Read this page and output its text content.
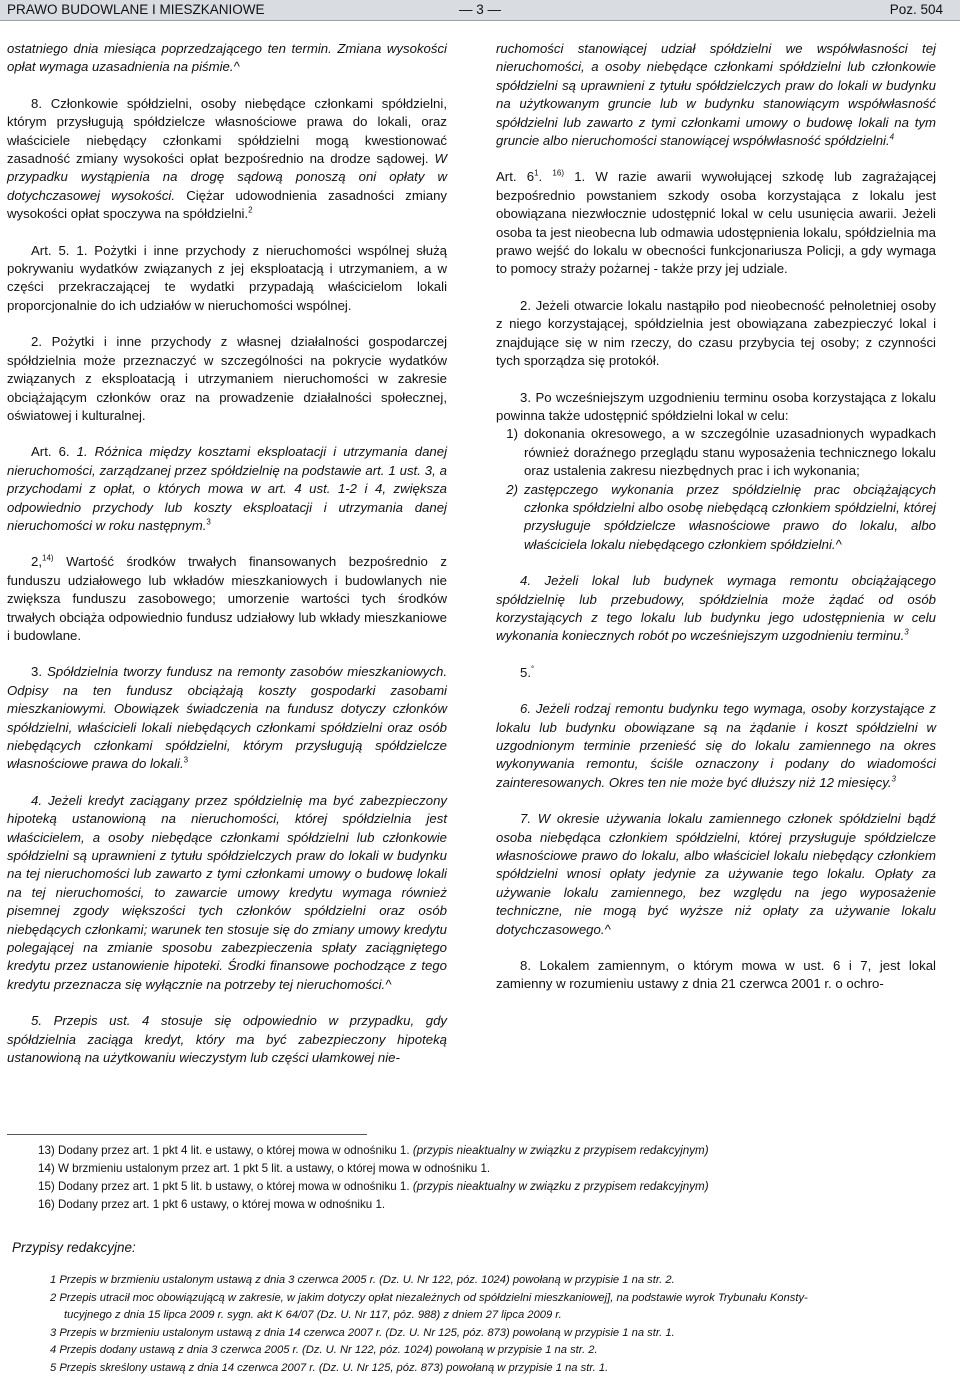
PRAWO BUDOWLANE I MIESZKANIOWE	— 3 —	Poz. 504

ostatniego dnia miesiąca poprzedzającego ten termin. Zmiana wysokości opłat wymaga uzasadnienia na piśmie.^

8. Członkowie spółdzielni, osoby niebędące członkami spółdzielni, którym przysługują spółdzielcze własnościowe prawa do lokali, oraz właściciele niebędący członkami spółdzielni mogą kwestionować zasadność zmiany wysokości opłat bezpośrednio na drodze sądowej. W przypadku wystąpienia na drogę sądową ponoszą oni opłaty w dotychczasowej wysokości. Ciężar udowodnienia zasadności zmiany wysokości opłat spoczywa na spółdzielni.$^2$

Art. 5. 1. Pożytki i inne przychody z nieruchomości wspólnej służą pokrywaniu wydatków związanych z jej eksploatacją i utrzymaniem, a w części przekraczającej te wydatki przypadają właścicielom lokali proporcjonalnie do ich udziałów w nieruchomości wspólnej.

2. Pożytki i inne przychody z własnej działalności gospodarczej spółdzielnia może przeznaczyć w szczególności na pokrycie wydatków związanych z eksploatacją i utrzymaniem nieruchomości w zakresie obciążającym członków oraz na prowadzenie działalności społecznej, oświatowej i kulturalnej.

Art. 6. 1. Różnica między kosztami eksploatacji i utrzymania danej nieruchomości, zarządzanej przez spółdzielnię na podstawie art. 1 ust. 3, a przychodami z opłat, o których mowa w art. 4 ust. 1-2 i 4, zwiększa odpowiednio przychody lub koszty eksploatacji i utrzymania danej nieruchomości w roku następnym.$^3$

2,$^{14)}$ Wartość środków trwałych finansowanych bezpośrednio z funduszu udziałowego lub wkładów mieszkaniowych i budowlanych nie zwiększa funduszu zasobowego; umorzenie wartości tych środków trwałych obciąża odpowiednio fundusz udziałowy lub wkłady mieszkaniowe i budowlane.

3. Spółdzielnia tworzy fundusz na remonty zasobów mieszkaniowych. Odpisy na ten fundusz obciążają koszty gospodarki zasobami mieszkaniowymi. Obowiązek świadczenia na fundusz dotyczy członków spółdzielni, właścicieli lokali niebędących członkami spółdzielni oraz osób niebędących członkami spółdzielni, którym przysługują spółdzielcze własnościowe prawa do lokali.$^3$

4. Jeżeli kredyt zaciągany przez spółdzielnię ma być zabezpieczony hipoteką ustanowioną na nieruchomości, której spółdzielnia jest właścicielem, a osoby niebędące członkami spółdzielni lub członkowie spółdzielni są uprawnieni z tytułu spółdzielczych praw do lokali w budynku na tej nieruchomości lub zawarto z tymi członkami umowy o budowę lokali na tej nieruchomości, to zawarcie umowy kredytu wymaga również pisemnej zgody większości tych członków spółdzielni oraz osób niebędących członkami; warunek ten stosuje się do zmiany umowy kredytu polegającej na zmianie sposobu zabezpieczenia spłaty zaciągniętego kredytu przez ustanowienie hipoteki. Środki finansowe pochodzące z tego kredytu przeznacza się wyłącznie na potrzeby tej nieruchomości.^

5. Przepis ust. 4 stosuje się odpowiednio w przypadku, gdy spółdzielnia zaciąga kredyt, który ma być zabezpieczony hipoteką ustanowioną na użytkowaniu wieczystym lub części ułamkowej nie-

ruchomości stanowiącej udział spółdzielni we współwłasności tej nieruchomości, a osoby niebędące członkami spółdzielni lub członkowie spółdzielni są uprawnieni z tytułu spółdzielczych praw do lokali w budynku na użytkowanym gruncie lub w budynku stanowiącym współwłasność spółdzielni lub zawarto z tymi członkami umowy o budowę lokali na tym gruncie albo nieruchomości stanowiącej współwłasność spółdzielni.$^4$

Art. $6^1$. $^{16)}$ 1. W razie awarii wywołującej szkodę lub zagrażającej bezpośrednio powstaniem szkody osoba korzystająca z lokalu jest obowiązana niezwłocznie udostępnić lokal w celu usunięcia awarii. Jeżeli osoba ta jest nieobecna lub odmawia udostępnienia lokalu, spółdzielnia ma prawo wejść do lokalu w obecności funkcjonariusza Policji, a gdy wymaga to pomocy straży pożarnej - także przy jej udziale.

2. Jeżeli otwarcie lokalu nastąpiło pod nieobecność pełnoletniej osoby z niego korzystającej, spółdzielnia jest obowiązana zabezpieczyć lokal i znajdujące się w nim rzeczy, do czasu przybycia tej osoby; z czynności tych sporządza się protokół.

3. Po wcześniejszym uzgodnieniu terminu osoba korzystająca z lokalu powinna także udostępnić spółdzielni lokal w celu:

1) dokonania okresowego, a w szczególnie uzasadnionych wypadkach również doraźnego przeglądu stanu wyposażenia technicznego lokalu oraz ustalenia zakresu niezbędnych prac i ich wykonania;
2) zastępczego wykonania przez spółdzielnię prac obciążających członka spółdzielni albo osobę niebędącą członkiem spółdzielni, której przysługuje spółdzielcze własnościowe prawo do lokalu, albo właściciela lokalu niebędącego członkiem spółdzielni.^

4. Jeżeli lokal lub budynek wymaga remontu obciążającego spółdzielnię lub przebudowy, spółdzielnia może żądać od osób korzystających z tego lokalu lub budynku jego udostępnienia w celu wykonania koniecznych robót po wcześniejszym uzgodnieniu terminu.$^3$

5.°

6. Jeżeli rodzaj remontu budynku tego wymaga, osoby korzystające z lokalu lub budynku obowiązane są na żądanie i koszt spółdzielni w uzgodnionym terminie przenieść się do lokalu zamiennego na okres wykonywania remontu, ściśle oznaczony i podany do wiadomości zainteresowanych. Okres ten nie może być dłuższy niż 12 miesięcy.$^3$

7. W okresie używania lokalu zamiennego członek spółdzielni bądź osoba niebędąca członkiem spółdzielni, której przysługuje spółdzielcze własnościowe prawo do lokalu, albo właściciel lokalu niebędący członkiem spółdzielni wnosi opłaty jedynie za używanie tego lokalu. Opłaty za używanie lokalu zamiennego, bez względu na jego wyposażenie techniczne, nie mogą być wyższe niż opłaty za używanie lokalu dotychczasowego.^

8. Lokalem zamiennym, o którym mowa w ust. 6 i 7, jest lokal zamienny w rozumieniu ustawy z dnia 21 czerwca 2001 r. o ochro-

13) Dodany przez art. 1 pkt 4 lit. e ustawy, o której mowa w odnośniku 1. (przypis nieaktualny w związku z przypisem redakcyjnym)
14) W brzmieniu ustalonym przez art. 1 pkt 5 lit. a ustawy, o której mowa w odnośniku 1.
15) Dodany przez art. 1 pkt 5 lit. b ustawy, o której mowa w odnośniku 1. (przypis nieaktualny w związku z przypisem redakcyjnym)
16) Dodany przez art. 1 pkt 6 ustawy, o której mowa w odnośniku 1.
Przypisy redakcyjne:
1 Przepis w brzmieniu ustalonym ustawą z dnia 3 czerwca 2005 r. (Dz. U. Nr 122, póz. 1024) powołaną w przypisie 1 na str. 2.
2 Przepis utracił moc obowiązującą w zakresie, w jakim dotyczy opłat niezależnych od spółdzielni mieszkaniowej], na podstawie wyrok Trybunału Konsty-
tucyjnego z dnia 15 lipca 2009 r. sygn. akt K 64/07 (Dz. U. Nr 117, póz. 988) z dniem 27 lipca 2009 r.
3 Przepis w brzmieniu ustalonym ustawą z dnia 14 czerwca 2007 r. (Dz. U. Nr 125, póz. 873) powołaną w przypisie 1 na str. 1.
4 Przepis dodany ustawą z dnia 3 czerwca 2005 r. (Dz. U. Nr 122, póz. 1024) powołaną w przypisie 1 na str. 2.
5 Przepis skreślony ustawą z dnia 14 czerwca 2007 r. (Dz. U. Nr 125, póz. 873) powołaną w przypisie 1 na str. 1.
